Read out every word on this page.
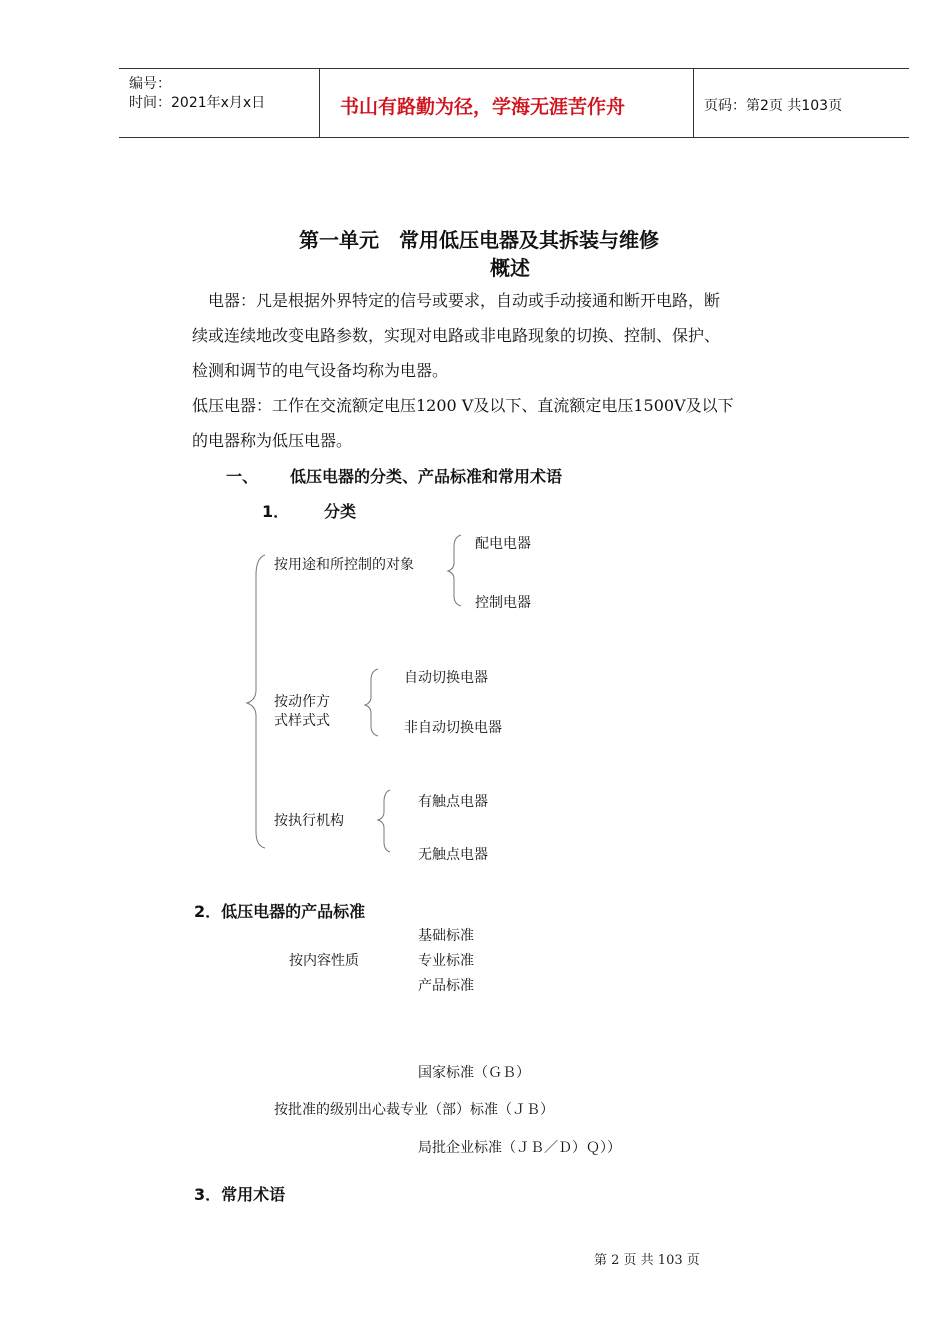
编号：
时间：2021年x月x日	书山有路勤为径，学海无涯苦作舟	页码：第2页 共103页
第一单元　常用低压电器及其拆装与维修
概述
　电器：凡是根据外界特定的信号或要求，自动或手动接通和断开电路，断
续或连续地改变电路参数，实现对电路或非电路现象的切换、控制、保护、
检测和调节的电气设备均称为电器。
低压电器：工作在交流额定电压1200 V及以下、直流额定电压1500V及以下
的电器称为低压电器。
一、 低压电器的分类、产品标准和常用术语
1． 分类
按用途和所控制的对象
配电电器
控制电器
按动作方
式样式式
自动切换电器
非自动切换电器
按执行机构
有触点电器
无触点电器
2．低压电器的产品标准
基础标准
按内容性质	专业标准
产品标准
国家标准（ＧＢ）
按批准的级别出心裁专业（部）标准（ＪＢ）
局批企业标准（ＪＢ／Ｄ）Ｑ））
3．常用术语
第 2 页 共 103 页
